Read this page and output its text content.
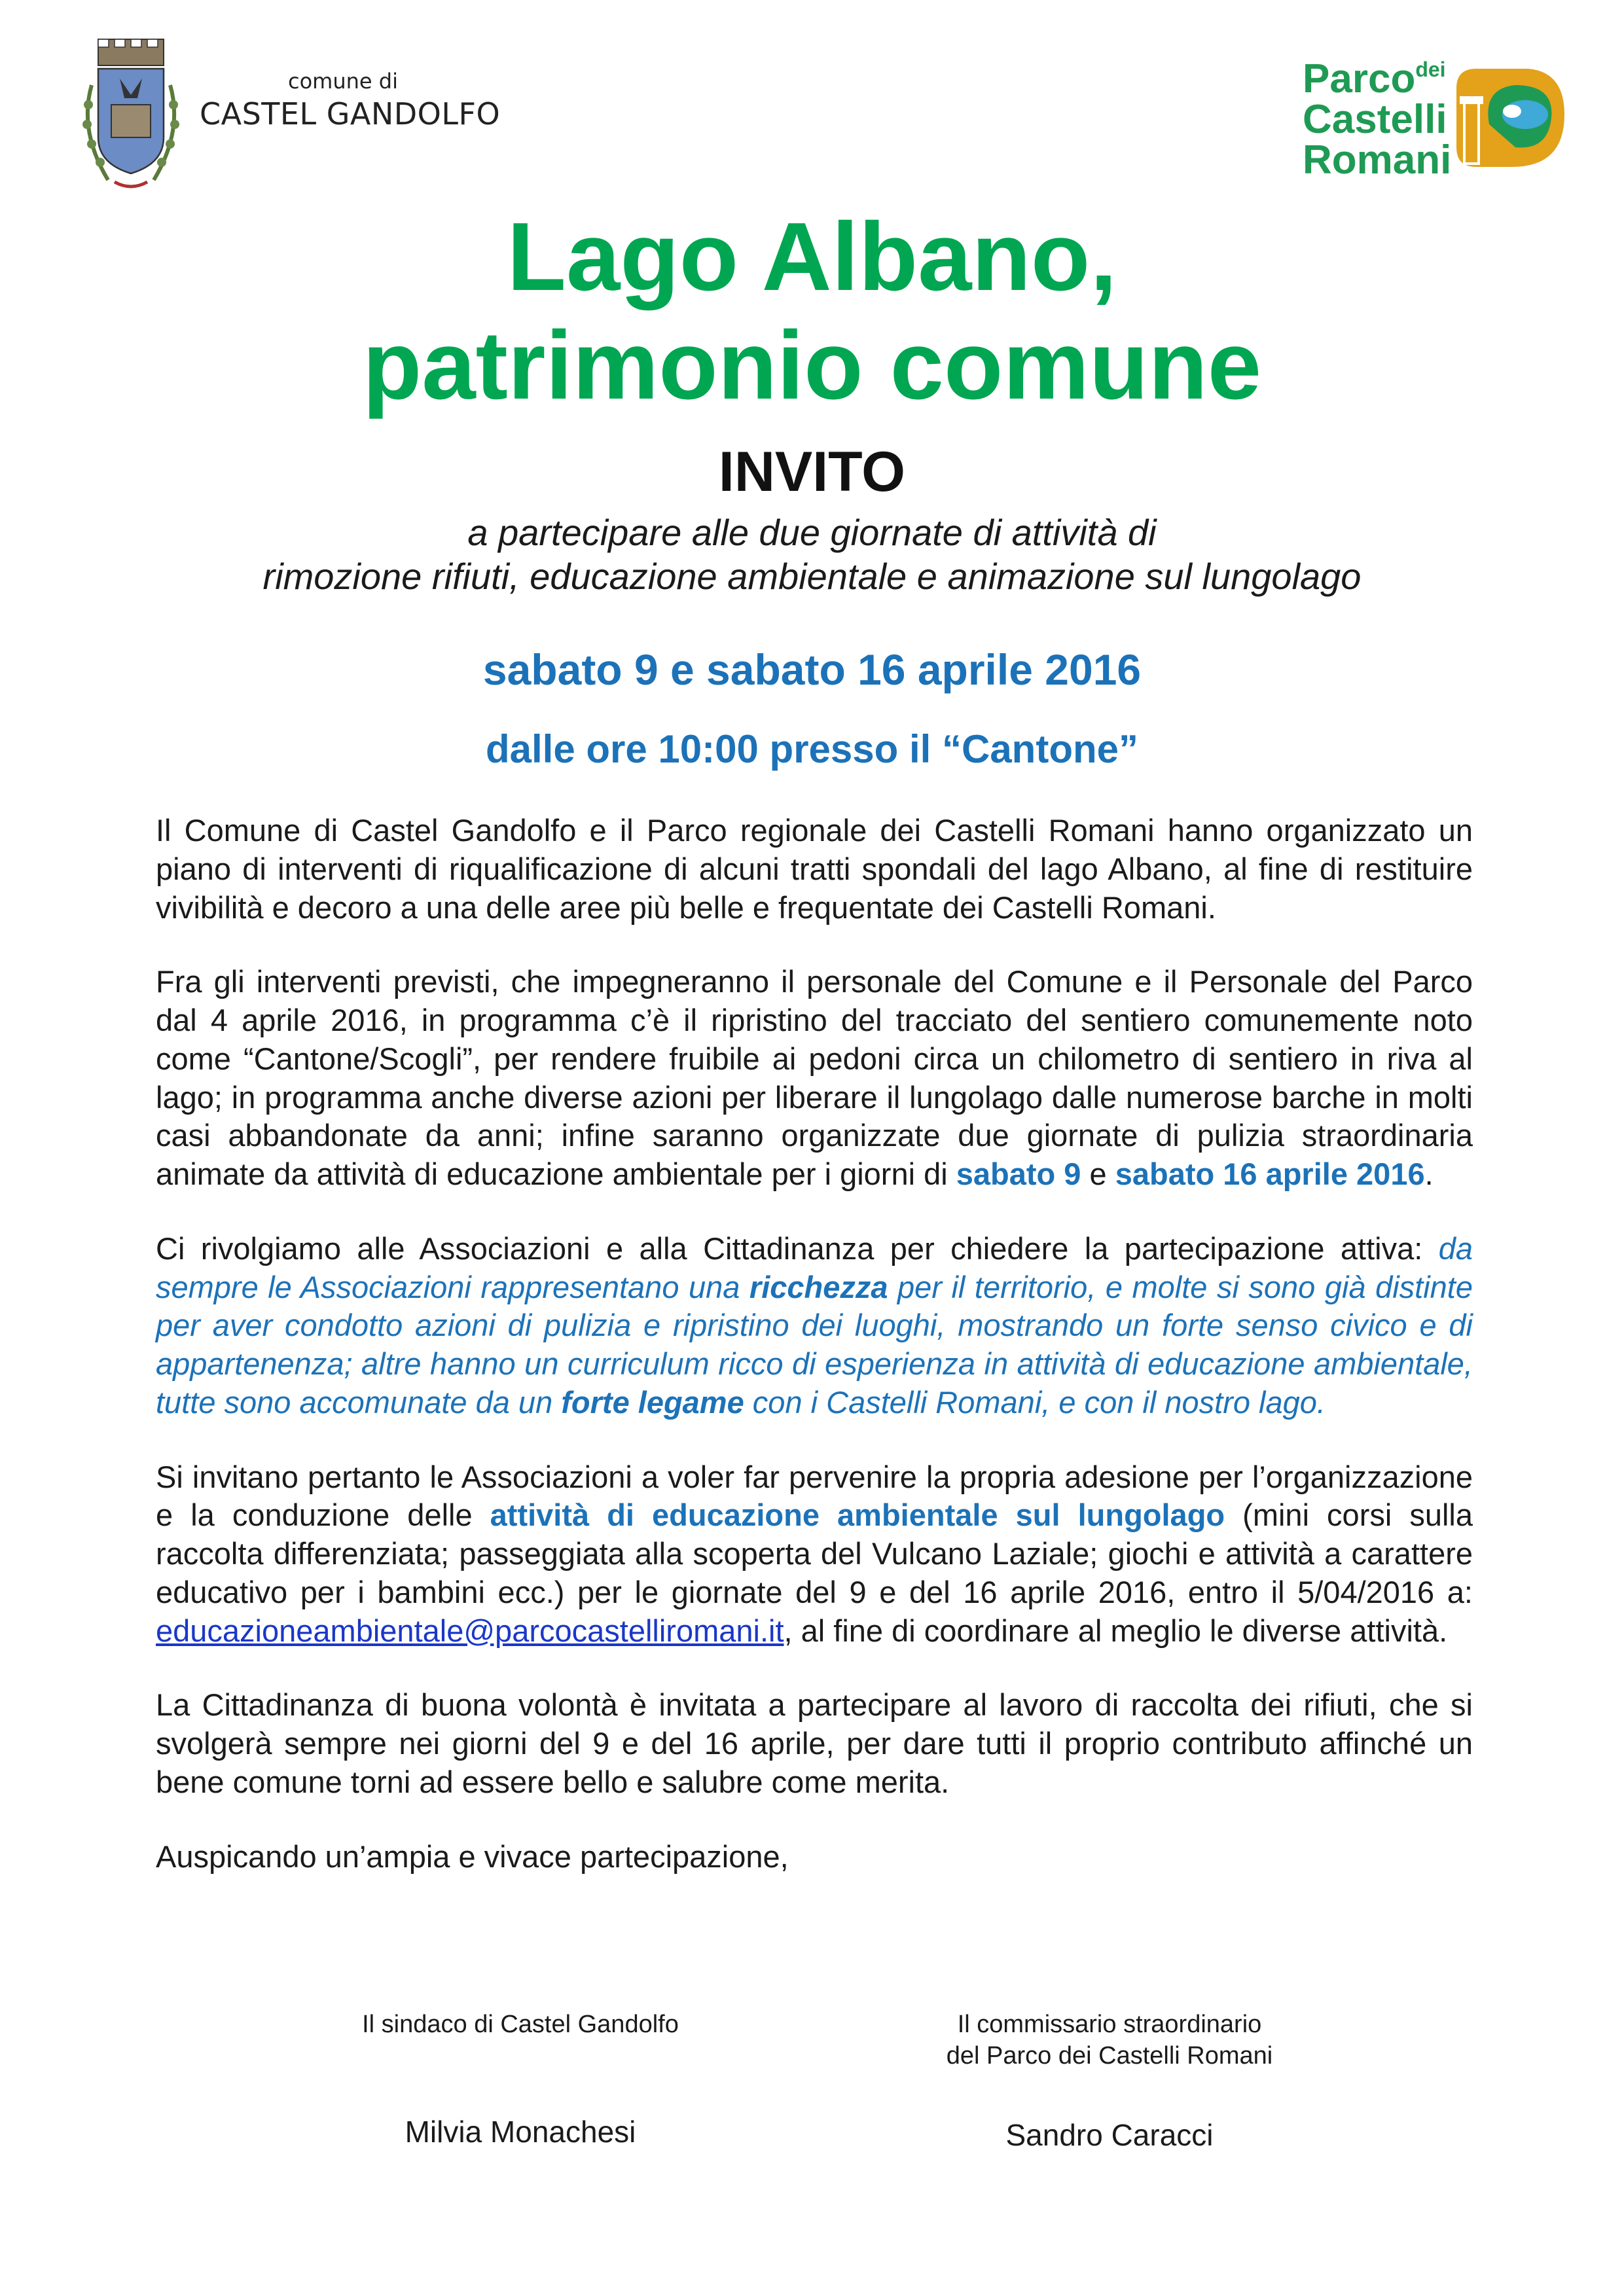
comune di
CASTEL GANDOLFO
Parco$^{dei}$
Castelli
Romani
Lago Albano,
patrimonio comune
INVITO
a partecipare alle due giornate di attività di
rimozione rifiuti, educazione ambientale e animazione sul lungolago
sabato 9 e sabato 16 aprile 2016
dalle ore 10:00 presso il “Cantone”

Il Comune di Castel Gandolfo e il Parco regionale dei Castelli Romani hanno organizzato un piano di interventi di riqualificazione di alcuni tratti spondali del lago Albano, al fine di restituire vivibilità e decoro a una delle aree più belle e frequentate dei Castelli Romani.

Fra gli interventi previsti, che impegneranno il personale del Comune e il Personale del Parco dal 4 aprile 2016, in programma c’è il ripristino del tracciato del sentiero comunemente noto come “Cantone/Scogli”, per rendere fruibile ai pedoni circa un chilometro di sentiero in riva al lago; in programma anche diverse azioni per liberare il lungolago dalle numerose barche in molti casi abbandonate da anni; infine saranno organizzate due giornate di pulizia straordinaria animate da attività di educazione ambientale per i giorni di sabato 9 e sabato 16 aprile 2016.

Ci rivolgiamo alle Associazioni e alla Cittadinanza per chiedere la partecipazione attiva: da sempre le Associazioni rappresentano una ricchezza per il territorio, e molte si sono già distinte per aver condotto azioni di pulizia e ripristino dei luoghi, mostrando un forte senso civico e di appartenenza; altre hanno un curriculum ricco di esperienza in attività di educazione ambientale, tutte sono accomunate da un forte legame con i Castelli Romani, e con il nostro lago.

Si invitano pertanto le Associazioni a voler far pervenire la propria adesione per l’organizzazione e la conduzione delle attività di educazione ambientale sul lungolago (mini corsi sulla raccolta differenziata; passeggiata alla scoperta del Vulcano Laziale; giochi e attività a carattere educativo per i bambini ecc.) per le giornate del 9 e del 16 aprile 2016, entro il 5/04/2016 a: educazioneambientale@parcocastelliromani.it, al fine di coordinare al meglio le diverse attività.

La Cittadinanza di buona volontà è invitata a partecipare al lavoro di raccolta dei rifiuti, che si svolgerà sempre nei giorni del 9 e del 16 aprile, per dare tutti il proprio contributo affinché un bene comune torni ad essere bello e salubre come merita.

Auspicando un’ampia e vivace partecipazione,

Il sindaco di Castel Gandolfo
Milvia Monachesi
Il commissario straordinario
del Parco dei Castelli Romani
Sandro Caracci
